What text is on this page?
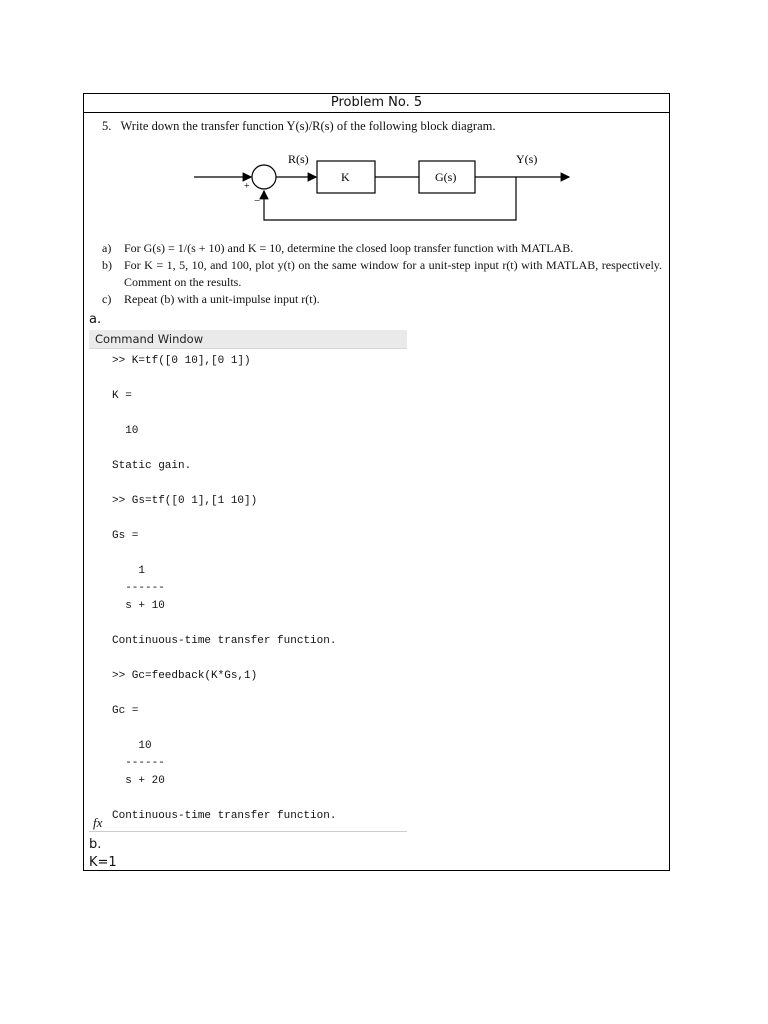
Problem No. 5
5. Write down the transfer function Y(s)/R(s) of the following block diagram.
R(s)	Y(s)
+
−
K	G(s)
a)	For G(s) = 1/(s + 10) and K = 10, determine the closed loop transfer function with MATLAB.
b)	For K = 1, 5, 10, and 100, plot y(t) on the same window for a unit-step input r(t) with MATLAB, respectively. Comment on the results.
c)	Repeat (b) with a unit-impulse input r(t).
a.
Command Window
>> K=tf([0 10],[0 1])
K =
10
Static gain.
>> Gs=tf([0 1],[1 10])
Gs =
1
------
s + 10
Continuous-time transfer function.
>> Gc=feedback(K*Gs,1)
Gc =
10
------
s + 20
Continuous-time transfer function.
fx
b.
K=1
